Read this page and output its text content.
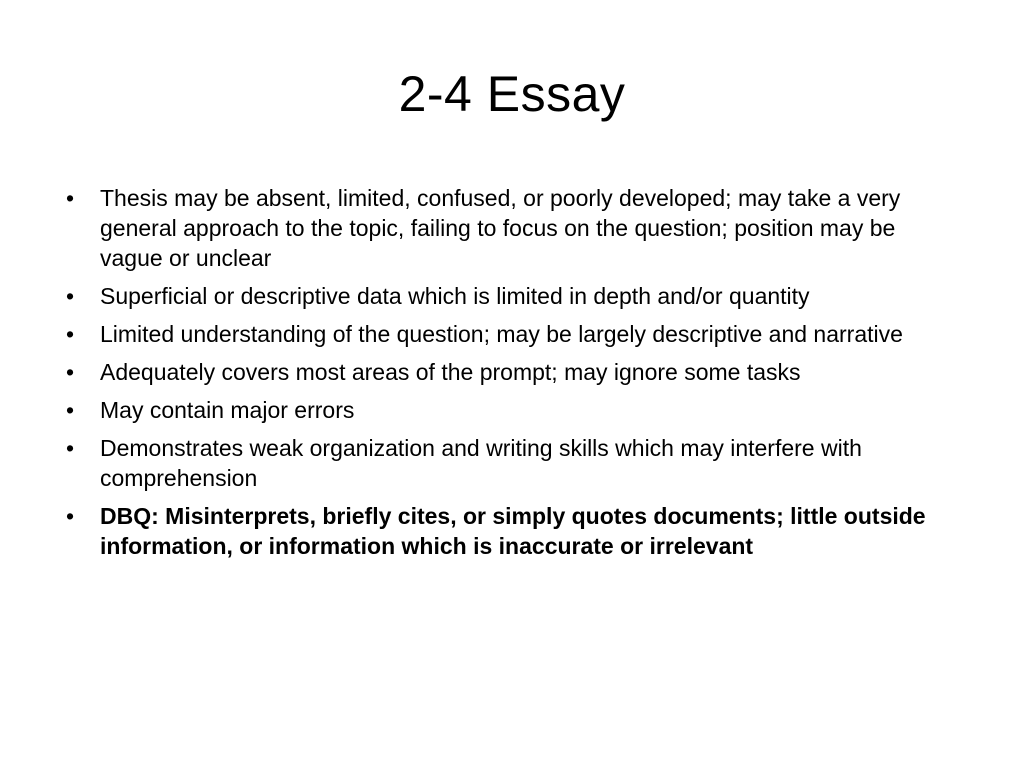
2-4 Essay
• Thesis may be absent, limited, confused, or poorly developed; may take a very general approach to the topic, failing to focus on the question; position may be vague or unclear
• Superficial or descriptive data which is limited in depth and/or quantity
• Limited understanding of the question; may be largely descriptive and narrative
• Adequately covers most areas of the prompt; may ignore some tasks
• May contain major errors
• Demonstrates weak organization and writing skills which may interfere with comprehension
• DBQ: Misinterprets, briefly cites, or simply quotes documents; little outside information, or information which is inaccurate or irrelevant
